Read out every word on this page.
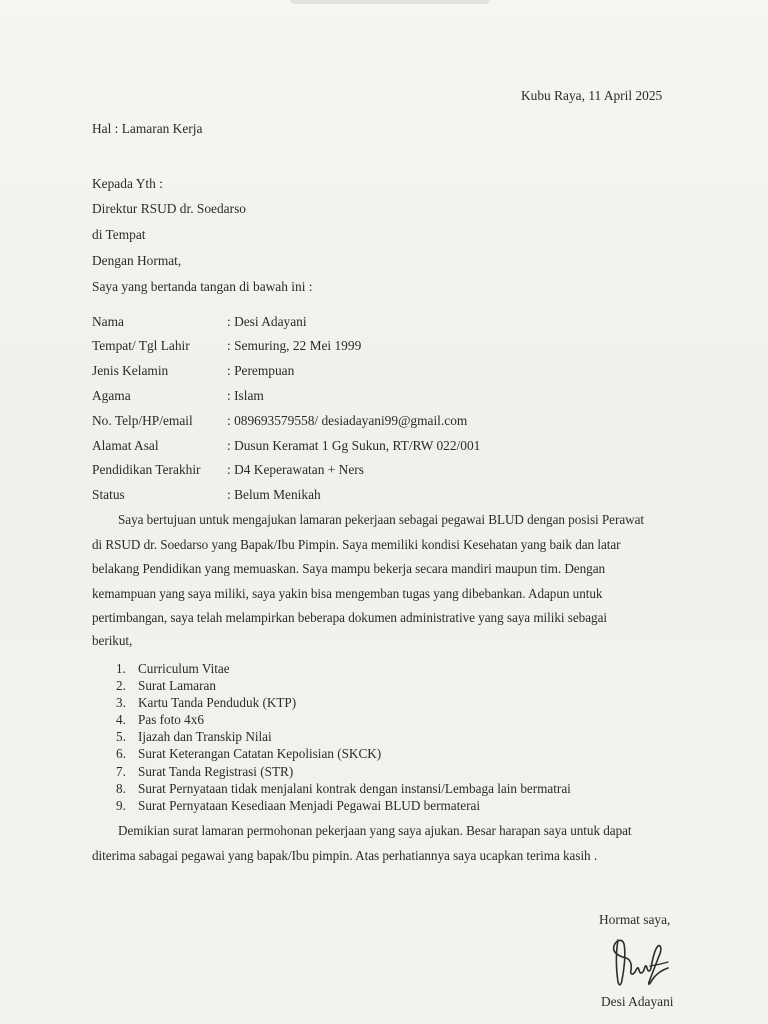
Kubu Raya, 11 April 2025
Hal : Lamaran Kerja
Kepada Yth :
Direktur RSUD dr. Soedarso
di Tempat
Dengan Hormat,
Saya yang bertanda tangan di bawah ini :
Nama	: Desi Adayani
Tempat/ Tgl Lahir	: Semuring, 22 Mei 1999
Jenis Kelamin	: Perempuan
Agama	: Islam
No. Telp/HP/email	: 089693579558/ desiadayani99@gmail.com
Alamat Asal	: Dusun Keramat 1 Gg Sukun, RT/RW 022/001
Pendidikan Terakhir : D4 Keperawatan + Ners
Status	: Belum Menikah
Saya bertujuan untuk mengajukan lamaran pekerjaan sebagai pegawai BLUD dengan posisi Perawat
di RSUD dr. Soedarso yang Bapak/Ibu Pimpin. Saya memiliki kondisi Kesehatan yang baik dan latar
belakang Pendidikan yang memuaskan. Saya mampu bekerja secara mandiri maupun tim. Dengan
kemampuan yang saya miliki, saya yakin bisa mengemban tugas yang dibebankan. Adapun untuk
pertimbangan, saya telah melampirkan beberapa dokumen administrative yang saya miliki sebagai
berikut,
1. Curriculum Vitae
2. Surat Lamaran
3. Kartu Tanda Penduduk (KTP)
4. Pas foto 4x6
5. Ijazah dan Transkip Nilai
6. Surat Keterangan Catatan Kepolisian (SKCK)
7. Surat Tanda Registrasi (STR)
8. Surat Pernyataan tidak menjalani kontrak dengan instansi/Lembaga lain bermatrai
9. Surat Pernyataan Kesediaan Menjadi Pegawai BLUD bermaterai
Demikian surat lamaran permohonan pekerjaan yang saya ajukan. Besar harapan saya untuk dapat
diterima sabagai pegawai yang bapak/Ibu pimpin. Atas perhatiannya saya ucapkan terima kasih .
Hormat saya,
Desi Adayani
